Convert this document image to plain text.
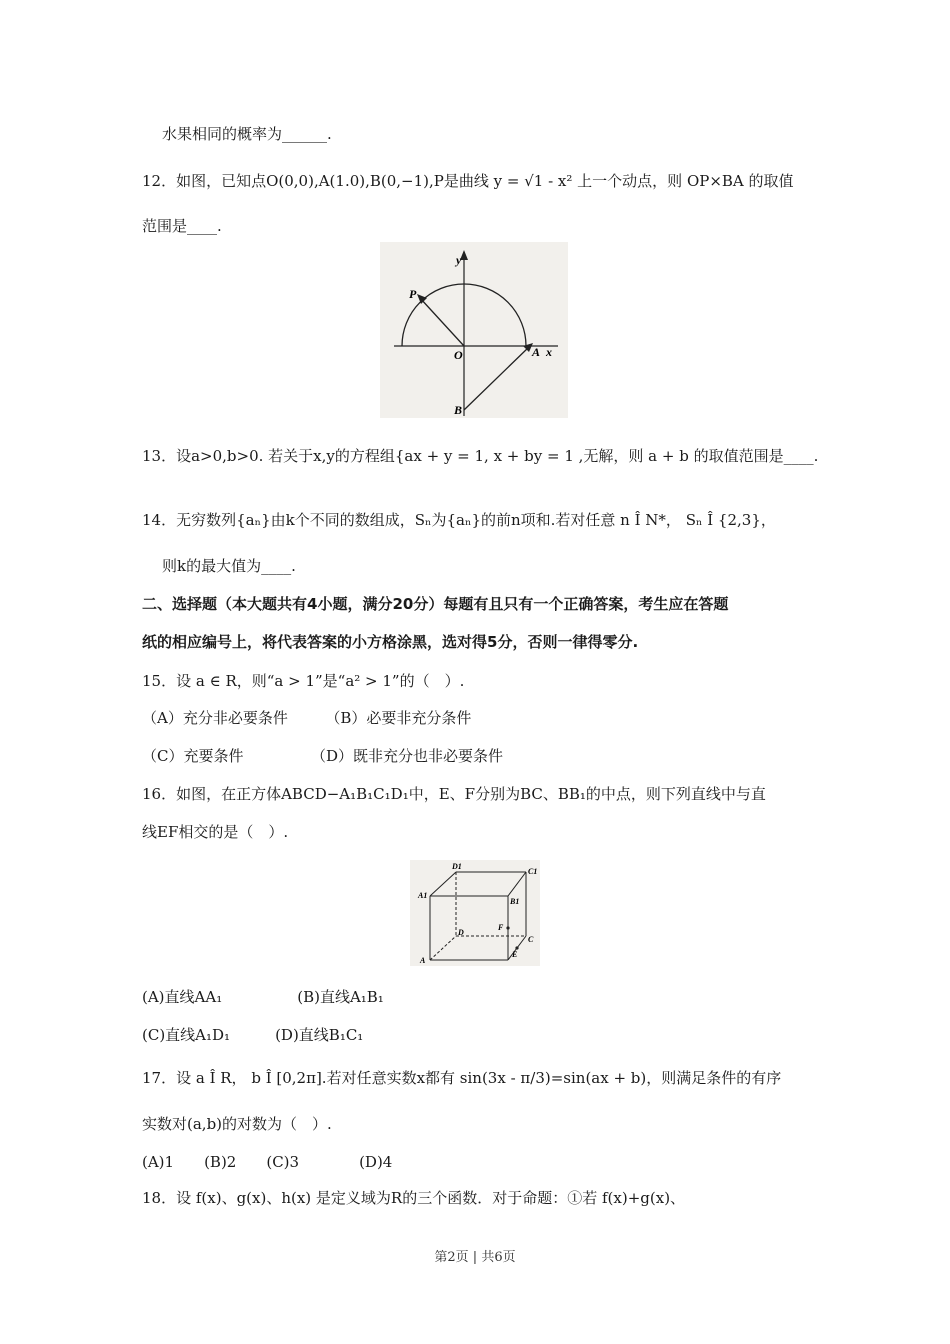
水果相同的概率为______.
12．如图，已知点O(0,0),A(1.0),B(0,−1),P是曲线 y = √1 - x² 上一个动点，则 OP×BA 的取值
范围是____.
y
P
O	A x
B
13．设a>0,b>0. 若关于x,y的方程组{ax + y = 1, x + by = 1 ,无解，则 a + b 的取值范围是____.
14．无穷数列{aₙ}由k个不同的数组成，Sₙ为{aₙ}的前n项和.若对任意 n Î N*， Sₙ Î {2,3}，
则k的最大值为____.
二、选择题（本大题共有4小题，满分20分）每题有且只有一个正确答案，考生应在答题
纸的相应编号上，将代表答案的小方格涂黑，选对得5分，否则一律得零分.
15．设 a ∈ R，则“a > 1”是“a² > 1”的（　）.
（A）充分非必要条件　　　（B）必要非充分条件
（C）充要条件　　　　　（D）既非充分也非必要条件
16．如图，在正方体ABCD−A₁B₁C₁D₁中，E、F分别为BC、BB₁的中点，则下列直线中与直
线EF相交的是（　）.
D1
C1
A1
B1
F
D
C
A
E
(A)直线AA₁　　　　　(B)直线A₁B₁
(C)直线A₁D₁　　　(D)直线B₁C₁
17．设 a Î R， b Î [0,2π].若对任意实数x都有 sin(3x - π/3)=sin(ax + b)，则满足条件的有序
实数对(a,b)的对数为（　）.
(A)1　　(B)2　　(C)3　　　　(D)4
18．设 f(x)、g(x)、h(x) 是定义域为R的三个函数．对于命题：①若 f(x)+g(x)、
第2页 | 共6页
